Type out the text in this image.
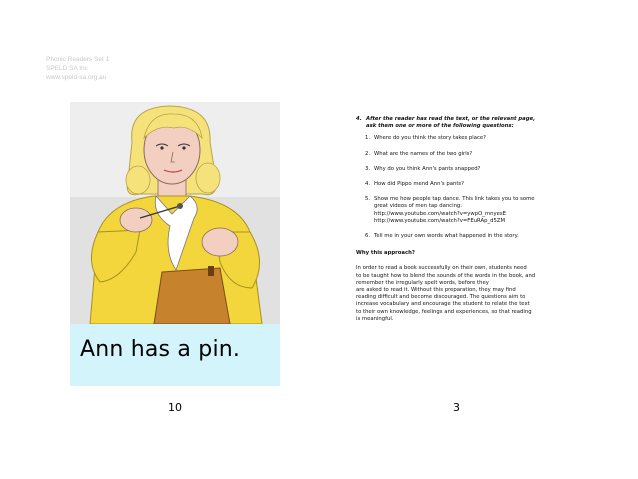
Phonic Readers Set 1
SPELD SA Inc
www.speld-sa.org.au
Ann has a pin.
10	3
4. After the reader has read the text, or the relevant page,
ask them one or more of the following questions:
1. Where do you think the story takes place?
2. What are the names of the two girls?
3. Why do you think Ann's pants snapped?
4. How did Pippo mend Ann's pants?
5. Show me how people tap dance. This link takes you to some
great videos of men tap dancing:
http://www.youtube.com/watch?v=ywpO_mnyesE
http://www.youtube.com/watch?v=FEuRAp_d5ZM
6. Tell me in your own words what happened in the story.
Why this approach?
In order to read a book successfully on their own, students need
to be taught how to blend the sounds of the words in the book, and
remember the irregularly spelt words, before they
are asked to read it. Without this preparation, they may find
reading difficult and become discouraged. The questions aim to
increase vocabulary and encourage the student to relate the text
to their own knowledge, feelings and experiences, so that reading
is meaningful.
